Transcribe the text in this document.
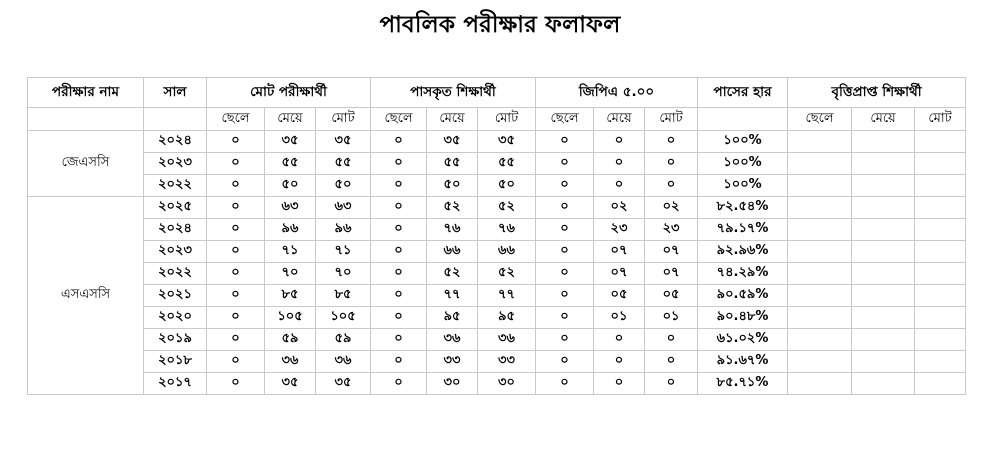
পাবলিক পরীক্ষার ফলাফল
পরীক্ষার নাম	সাল	মোট পরীক্ষার্থী			পাসকৃত শিক্ষার্থী			জিপিএ ৫.০০			পাসের হার	বৃত্তিপ্রাপ্ত শিক্ষার্থী		
		ছেলে	মেয়ে	মোট	ছেলে	মেয়ে	মোট	ছেলে	মেয়ে	মোট		ছেলে	মেয়ে	মোট
জেএসসি	২০২৪	০	৩৫	৩৫	০	৩৫	৩৫	০	০	০	১০০%			
	২০২৩	০	৫৫	৫৫	০	৫৫	৫৫	০	০	০	১০০%			
	২০২২	০	৫০	৫০	০	৫০	৫০	০	০	০	১০০%			
এসএসসি	২০২৫	০	৬৩	৬৩	০	৫২	৫২	০	০২	০২	৮২.৫৪%			
	২০২৪	০	৯৬	৯৬	০	৭৬	৭৬	০	২৩	২৩	৭৯.১৭%			
	২০২৩	০	৭১	৭১	০	৬৬	৬৬	০	০৭	০৭	৯২.৯৬%			
	২০২২	০	৭০	৭০	০	৫২	৫২	০	০৭	০৭	৭৪.২৯%			
	২০২১	০	৮৫	৮৫	০	৭৭	৭৭	০	০৫	০৫	৯০.৫৯%			
	২০২০	০	১০৫	১০৫	০	৯৫	৯৫	০	০১	০১	৯০.৪৮%			
	২০১৯	০	৫৯	৫৯	০	৩৬	৩৬	০	০	০	৬১.০২%			
	২০১৮	০	৩৬	৩৬	০	৩৩	৩৩	০	০	০	৯১.৬৭%			
	২০১৭	০	৩৫	৩৫	০	৩০	৩০	০	০	০	৮৫.৭১%			
